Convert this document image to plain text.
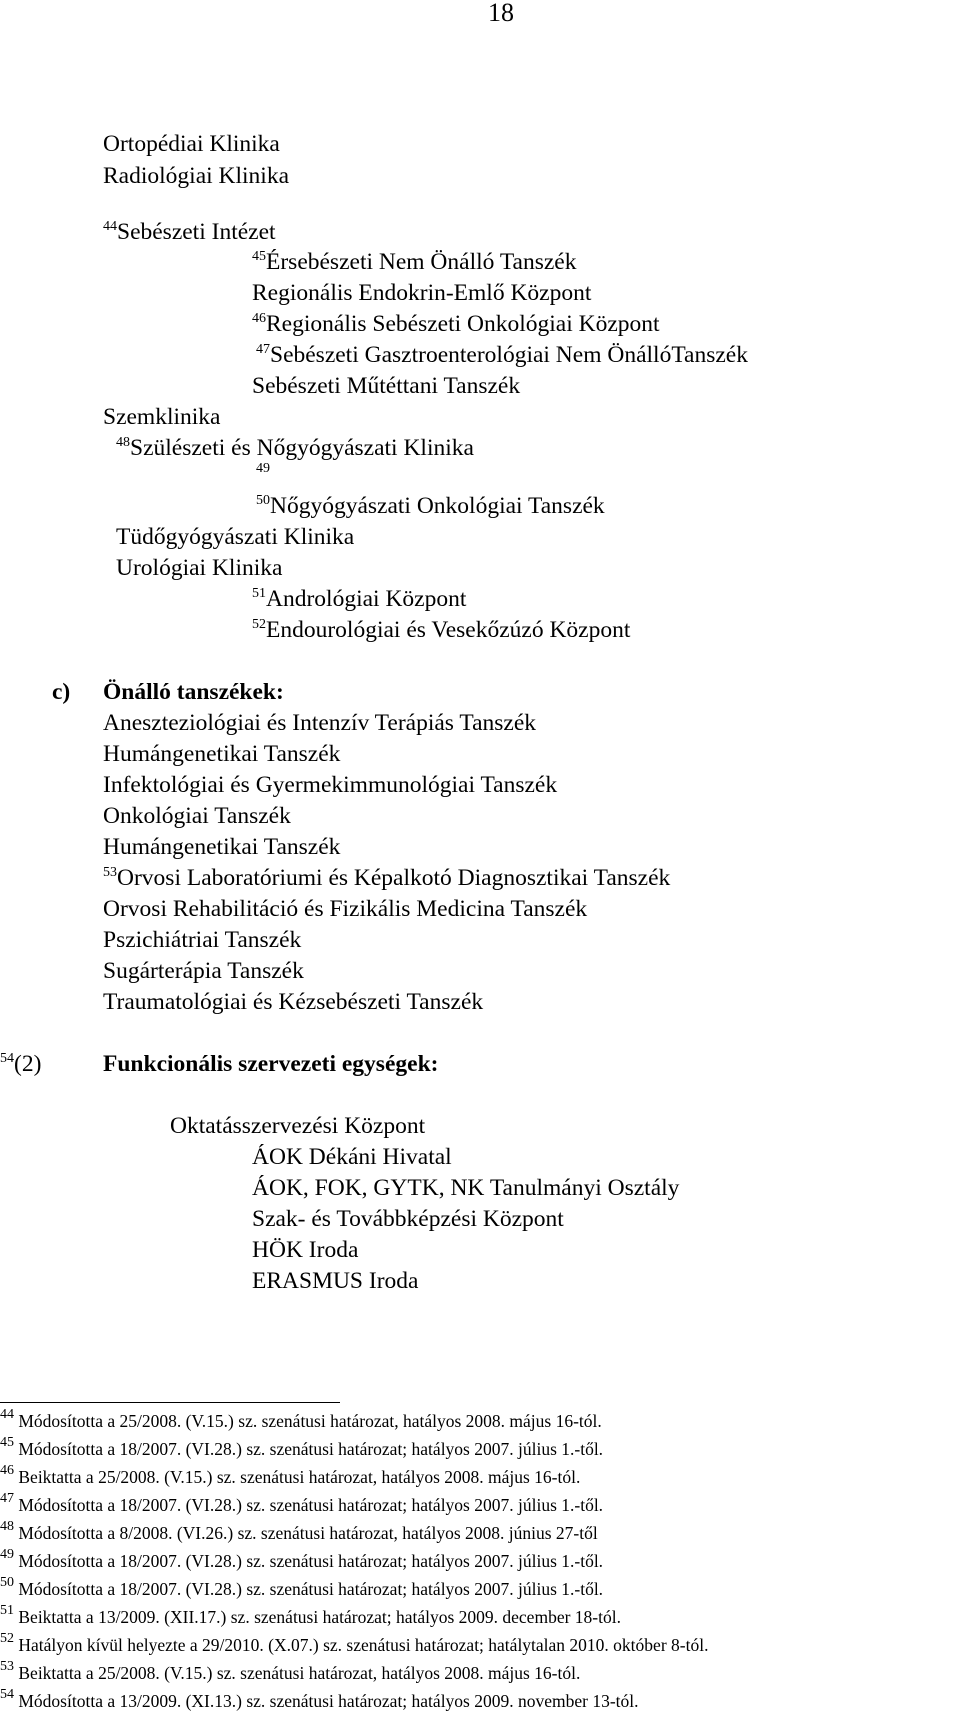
18
Ortopédiai Klinika
Radiológiai Klinika
$^{44}$Sebészeti Intézet
$^{45}$Érsebészeti Nem Önálló Tanszék
Regionális Endokrin-Emlő Központ
$^{46}$Regionális Sebészeti Onkológiai Központ
$^{47}$Sebészeti Gasztroenterológiai Nem ÖnállóTanszék
Sebészeti Műtéttani Tanszék
Szemklinika
$^{48}$Szülészeti és Nőgyógyászati Klinika
$^{49}$
$^{50}$Nőgyógyászati Onkológiai Tanszék
Tüdőgyógyászati Klinika
Urológiai Klinika
$^{51}$Andrológiai Központ
$^{52}$Endourológiai és Vesekőzúzó Központ
c) Önálló tanszékek:
Aneszteziológiai és Intenzív Terápiás Tanszék
Humángenetikai Tanszék
Infektológiai és Gyermekimmunológiai Tanszék
Onkológiai Tanszék
Humángenetikai Tanszék
$^{53}$Orvosi Laboratóriumi és Képalkotó Diagnosztikai Tanszék
Orvosi Rehabilitáció és Fizikális Medicina Tanszék
Pszichiátriai Tanszék
Sugárterápia Tanszék
Traumatológiai és Kézsebészeti Tanszék
$^{54}$(2)	Funkcionális szervezeti egységek:
Oktatásszervezési Központ
ÁOK Dékáni Hivatal
ÁOK, FOK, GYTK, NK Tanulmányi Osztály
Szak- és Továbbképzési Központ
HÖK Iroda
ERASMUS Iroda
$^{44}$ Módosította a 25/2008. (V.15.) sz. szenátusi határozat, hatályos 2008. május 16-tól.
$^{45}$ Módosította a 18/2007. (VI.28.) sz. szenátusi határozat; hatályos 2007. július 1.-től.
$^{46}$ Beiktatta a 25/2008. (V.15.) sz. szenátusi határozat, hatályos 2008. május 16-tól.
$^{47}$ Módosította a 18/2007. (VI.28.) sz. szenátusi határozat; hatályos 2007. július 1.-től.
$^{48}$ Módosította a 8/2008. (VI.26.) sz. szenátusi határozat, hatályos 2008. június 27-től
$^{49}$ Módosította a 18/2007. (VI.28.) sz. szenátusi határozat; hatályos 2007. július 1.-től.
$^{50}$ Módosította a 18/2007. (VI.28.) sz. szenátusi határozat; hatályos 2007. július 1.-től.
$^{51}$ Beiktatta a 13/2009. (XII.17.) sz. szenátusi határozat; hatályos 2009. december 18-tól.
$^{52}$ Hatályon kívül helyezte a 29/2010. (X.07.) sz. szenátusi határozat; hatálytalan 2010. október 8-tól.
$^{53}$ Beiktatta a 25/2008. (V.15.) sz. szenátusi határozat, hatályos 2008. május 16-tól.
$^{54}$ Módosította a 13/2009. (XI.13.) sz. szenátusi határozat; hatályos 2009. november 13-tól.
